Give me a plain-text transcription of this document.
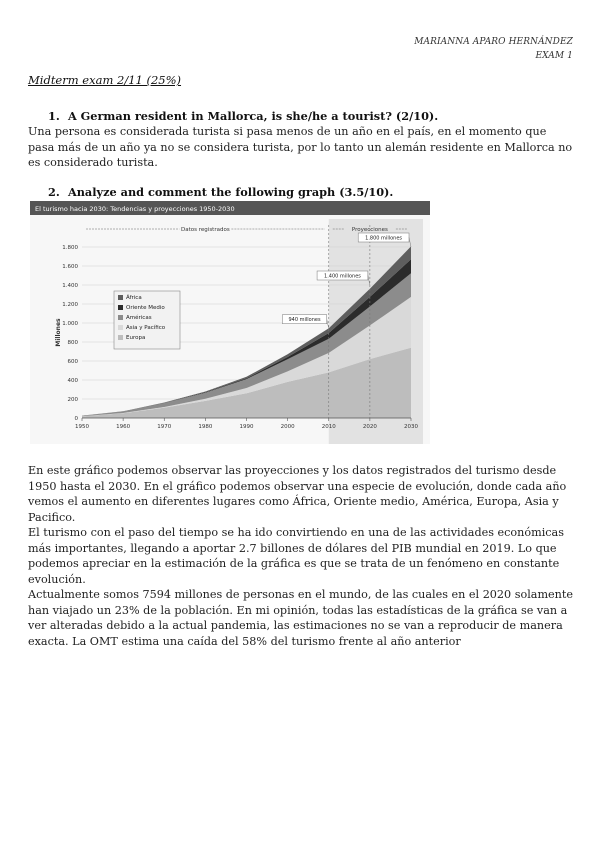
MARIANNA APARO HERNÁNDEZ
EXAM 1
Midterm exam 2/11 (25%)
1. A German resident in Mallorca, is she/he a tourist? (2/10).

Una persona es considerada turista si pasa menos de un año en el país, en el momento que pasa más de un año ya no se considera turista, por lo tanto un alemán residente en Mallorca no es considerado turista.

2. Analyze and comment the following graph (3.5/10).
El turismo hacia 2030: Tendencias y proyecciones 1950-2030
0
200
400
600
800
1.000
1.200
1.400
1.600
1.800
Millones
1950	1960	1970	1980	1990	2000	2010	2020	2030
Datos registrados	Proyecciones
940 millones
1.400 millones
1.800 millones
África
Oriente Medio
Américas
Asia y Pacífico
Europa

En este gráfico podemos observar las proyecciones y los datos registrados del turismo desde 1950 hasta el 2030. En el gráfico podemos observar una especie de evolución, donde cada año vemos el aumento en diferentes lugares como África, Oriente medio, América, Europa, Asia y Pacifico.

El turismo con el paso del tiempo se ha ido convirtiendo en una de las actividades económicas más importantes, llegando a aportar 2.7 billones de dólares del PIB mundial en 2019. Lo que podemos apreciar en la estimación de la gráfica es que se trata de un fenómeno en constante evolución.

Actualmente somos 7594 millones de personas en el mundo, de las cuales en el 2020 solamente han viajado un 23% de la población. En mi opinión, todas las estadísticas de la gráfica se van a ver alteradas debido a la actual pandemia, las estimaciones no se van a reproducir de manera exacta. La OMT estima una caída del 58% del turismo frente al año anterior
